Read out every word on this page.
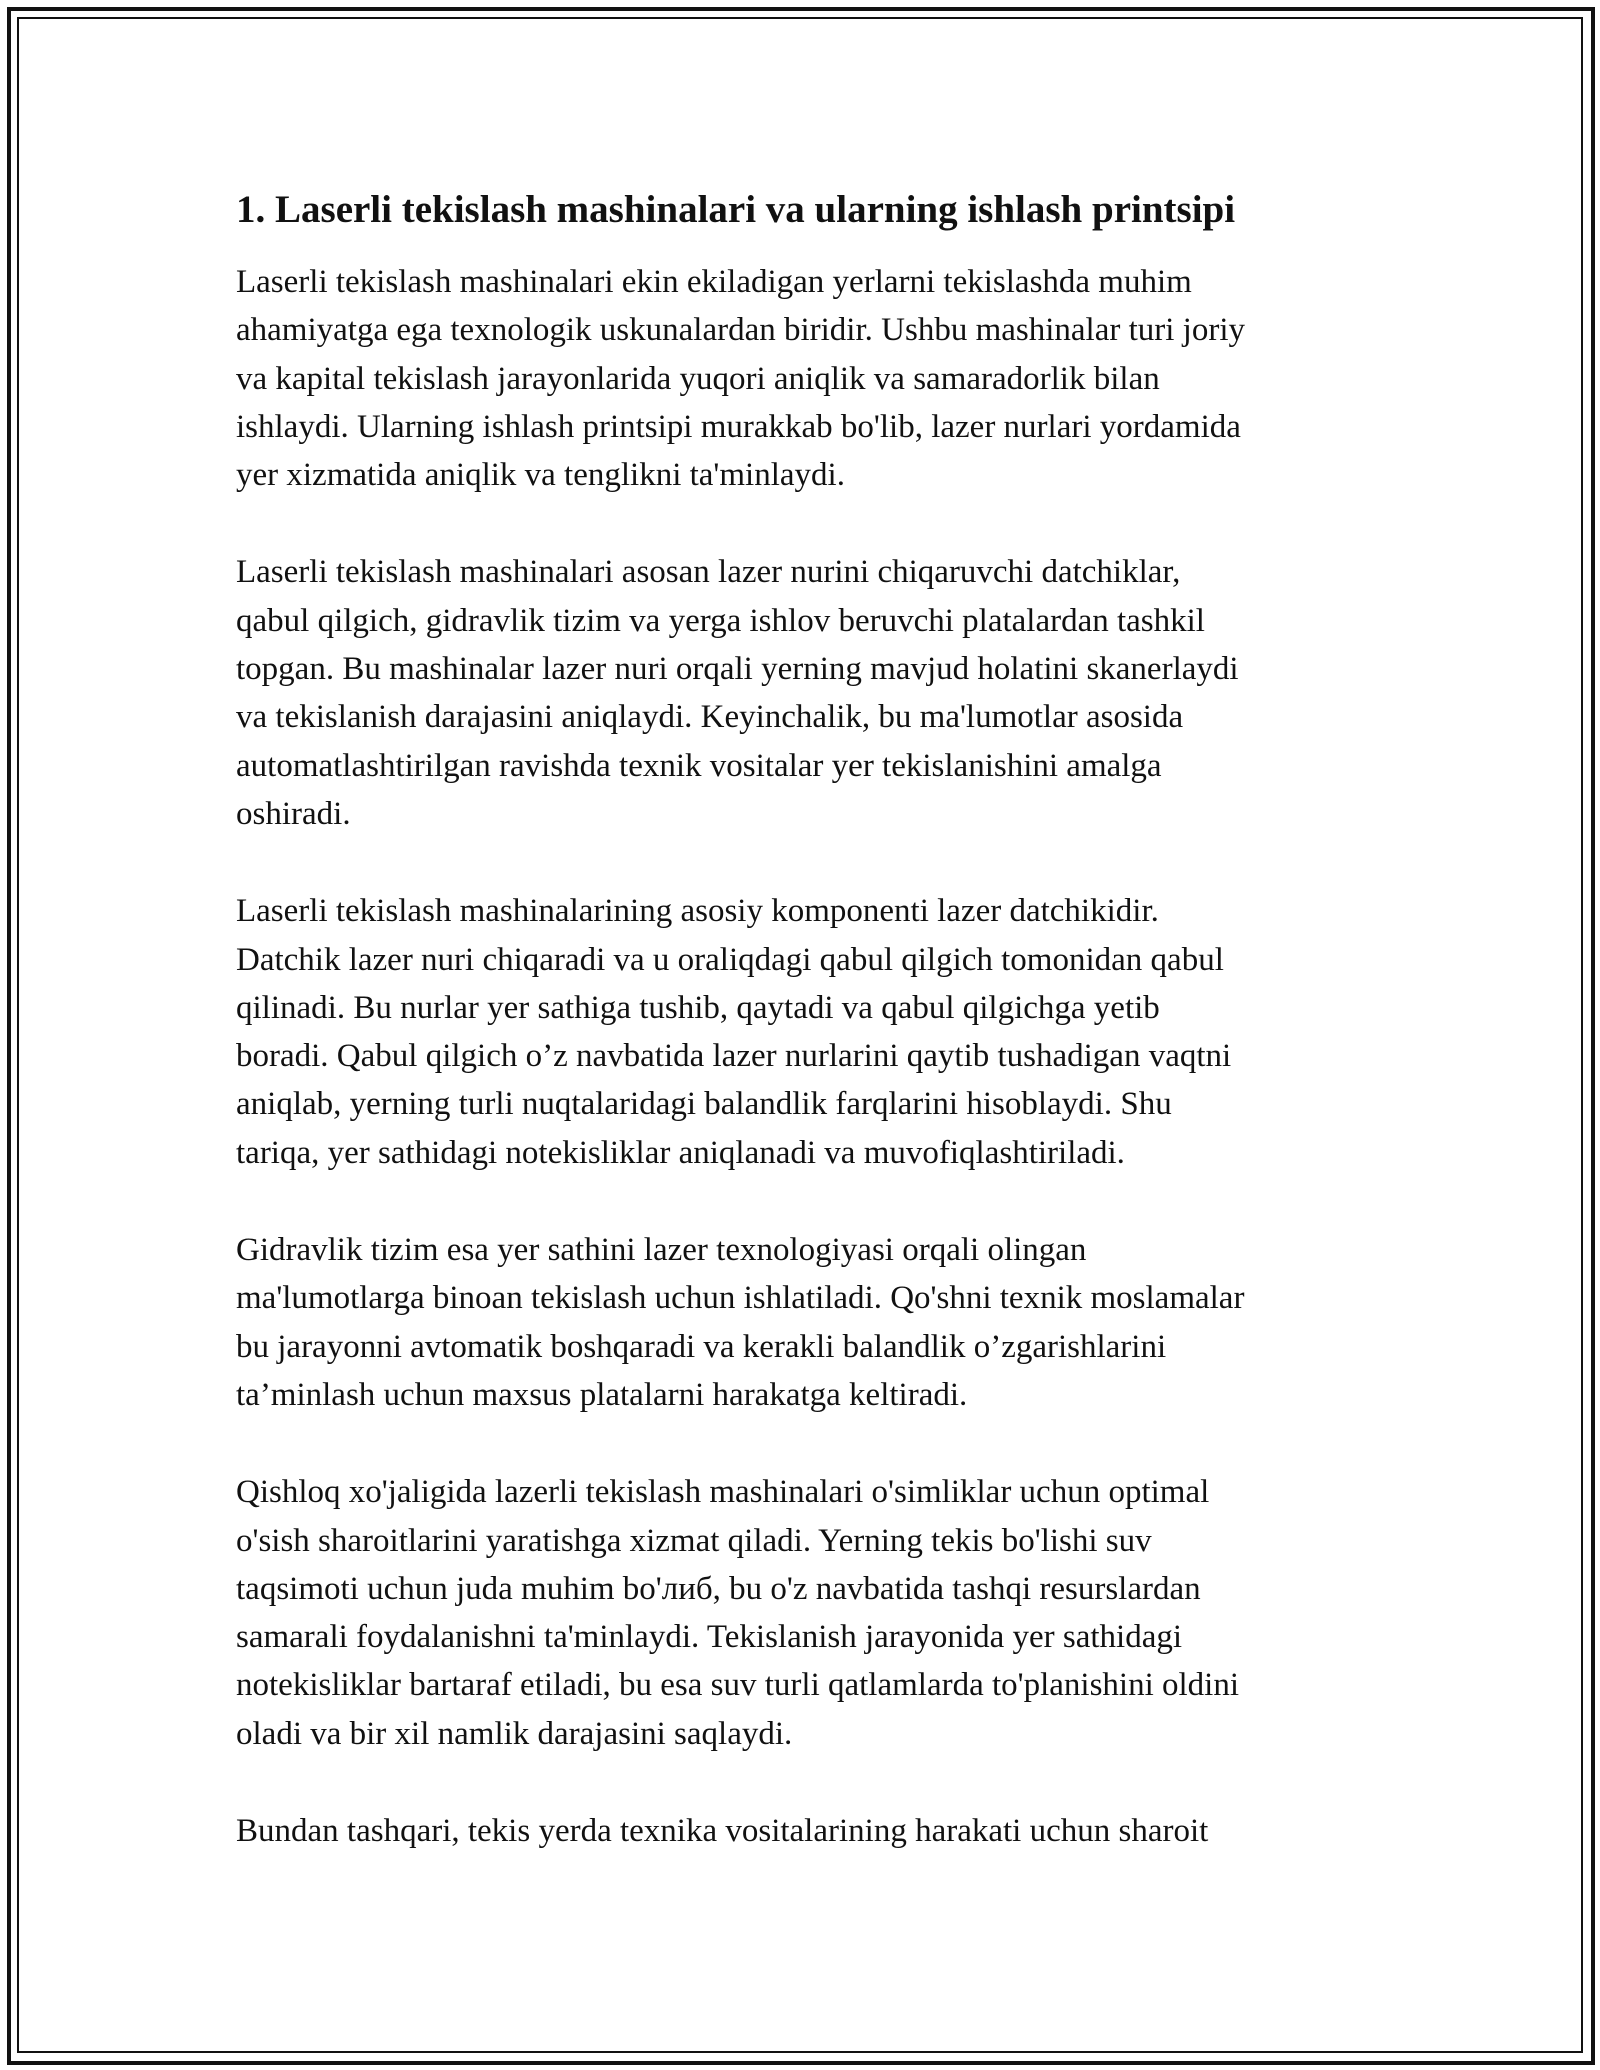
1. Laserli tekislash mashinalari va ularning ishlash printsipi

Laserli tekislash mashinalari ekin ekiladigan yerlarni tekislashda muhim
ahamiyatga ega texnologik uskunalardan biridir. Ushbu mashinalar turi joriy
va kapital tekislash jarayonlarida yuqori aniqlik va samaradorlik bilan
ishlaydi. Ularning ishlash printsipi murakkab bo'lib, lazer nurlari yordamida
yer xizmatida aniqlik va tenglikni ta'minlaydi.

Laserli tekislash mashinalari asosan lazer nurini chiqaruvchi datchiklar,
qabul qilgich, gidravlik tizim va yerga ishlov beruvchi platalardan tashkil
topgan. Bu mashinalar lazer nuri orqali yerning mavjud holatini skanerlaydi
va tekislanish darajasini aniqlaydi. Keyinchalik, bu ma'lumotlar asosida
automatlashtirilgan ravishda texnik vositalar yer tekislanishini amalga
oshiradi.

Laserli tekislash mashinalarining asosiy komponenti lazer datchikidir.
Datchik lazer nuri chiqaradi va u oraliqdagi qabul qilgich tomonidan qabul
qilinadi. Bu nurlar yer sathiga tushib, qaytadi va qabul qilgichga yetib
boradi. Qabul qilgich o’z navbatida lazer nurlarini qaytib tushadigan vaqtni
aniqlab, yerning turli nuqtalaridagi balandlik farqlarini hisoblaydi. Shu
tariqa, yer sathidagi notekisliklar aniqlanadi va muvofiqlashtiriladi.

Gidravlik tizim esa yer sathini lazer texnologiyasi orqali olingan
ma'lumotlarga binoan tekislash uchun ishlatiladi. Qo'shni texnik moslamalar
bu jarayonni avtomatik boshqaradi va kerakli balandlik o’zgarishlarini
ta’minlash uchun maxsus platalarni harakatga keltiradi.

Qishloq xo'jaligida lazerli tekislash mashinalari o'simliklar uchun optimal
o'sish sharoitlarini yaratishga xizmat qiladi. Yerning tekis bo'lishi suv
taqsimoti uchun juda muhim bo'либ, bu o'z navbatida tashqi resurslardan
samarali foydalanishni ta'minlaydi. Tekislanish jarayonida yer sathidagi
notekisliklar bartaraf etiladi, bu esa suv turli qatlamlarda to'planishini oldini
oladi va bir xil namlik darajasini saqlaydi.

Bundan tashqari, tekis yerda texnika vositalarining harakati uchun sharoit
